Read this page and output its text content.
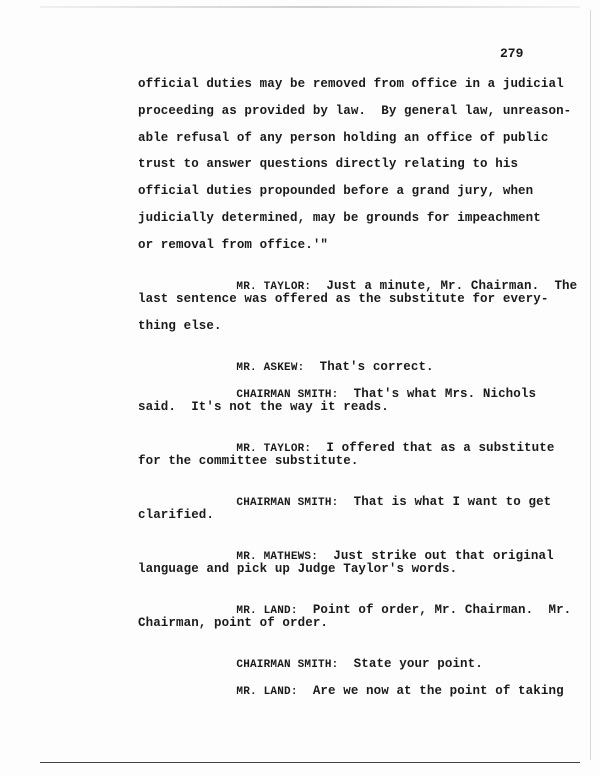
279
official duties may be removed from office in a judicial
proceeding as provided by law.  By general law, unreason-
able refusal of any person holding an office of public
trust to answer questions directly relating to his
official duties propounded before a grand jury, when
judicially determined, may be grounds for impeachment
or removal from office.'"

MR. TAYLOR: Just a minute, Mr. Chairman.  The

last sentence was offered as the substitute for every-
thing else.

MR. ASKEW: That's correct.

CHAIRMAN SMITH: That's what Mrs. Nichols

said.  It's not the way it reads.

MR. TAYLOR: I offered that as a substitute

for the committee substitute.

CHAIRMAN SMITH: That is what I want to get

clarified.

MR. MATHEWS: Just strike out that original

language and pick up Judge Taylor's words.

MR. LAND: Point of order, Mr. Chairman.  Mr.

Chairman, point of order.

CHAIRMAN SMITH: State your point.

MR. LAND: Are we now at the point of taking
